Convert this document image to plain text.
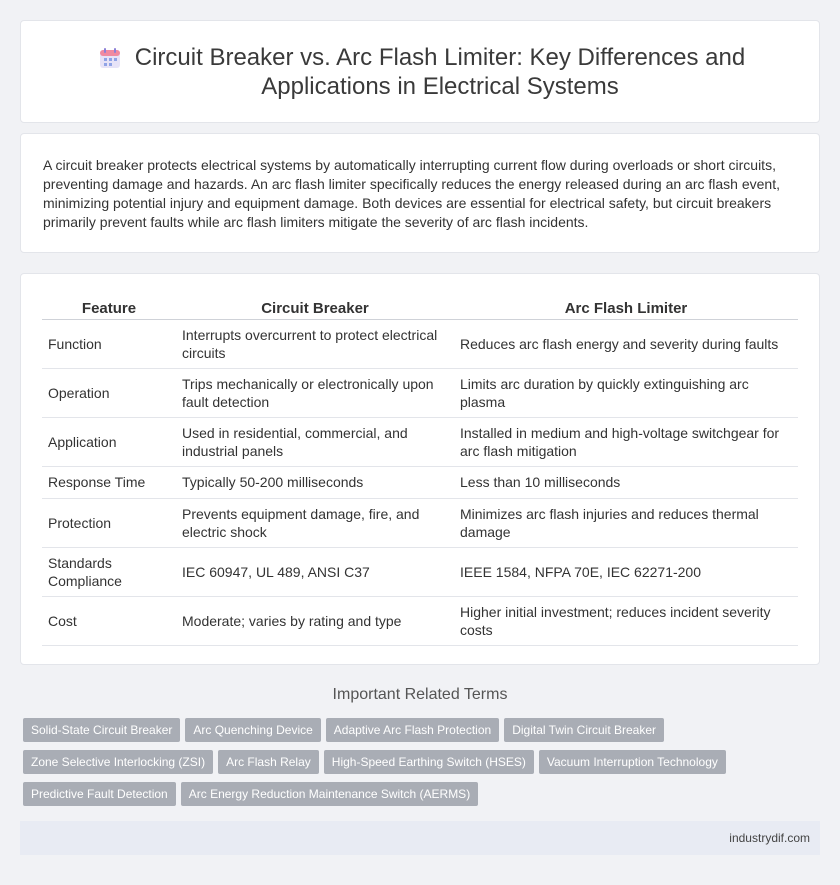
Circuit Breaker vs. Arc Flash Limiter: Key Differences and Applications in Electrical Systems

A circuit breaker protects electrical systems by automatically interrupting current flow during overloads or short circuits, preventing damage and hazards. An arc flash limiter specifically reduces the energy released during an arc flash event, minimizing potential injury and equipment damage. Both devices are essential for electrical safety, but circuit breakers primarily prevent faults while arc flash limiters mitigate the severity of arc flash incidents.

Feature	Circuit Breaker	Arc Flash Limiter
Function	Interrupts overcurrent to protect electrical circuits	Reduces arc flash energy and severity during faults
Operation	Trips mechanically or electronically upon fault detection	Limits arc duration by quickly extinguishing arc plasma
Application	Used in residential, commercial, and industrial panels	Installed in medium and high-voltage switchgear for arc flash mitigation
Response Time	Typically 50-200 milliseconds	Less than 10 milliseconds
Protection	Prevents equipment damage, fire, and electric shock	Minimizes arc flash injuries and reduces thermal damage
Standards Compliance	IEC 60947, UL 489, ANSI C37	IEEE 1584, NFPA 70E, IEC 62271-200
Cost	Moderate; varies by rating and type	Higher initial investment; reduces incident severity costs
Important Related Terms
Solid-State Circuit Breaker Arc Quenching Device Adaptive Arc Flash Protection Digital Twin Circuit Breaker
Zone Selective Interlocking (ZSI) Arc Flash Relay High-Speed Earthing Switch (HSES) Vacuum Interruption Technology
Predictive Fault Detection Arc Energy Reduction Maintenance Switch (AERMS)
industrydif.com
